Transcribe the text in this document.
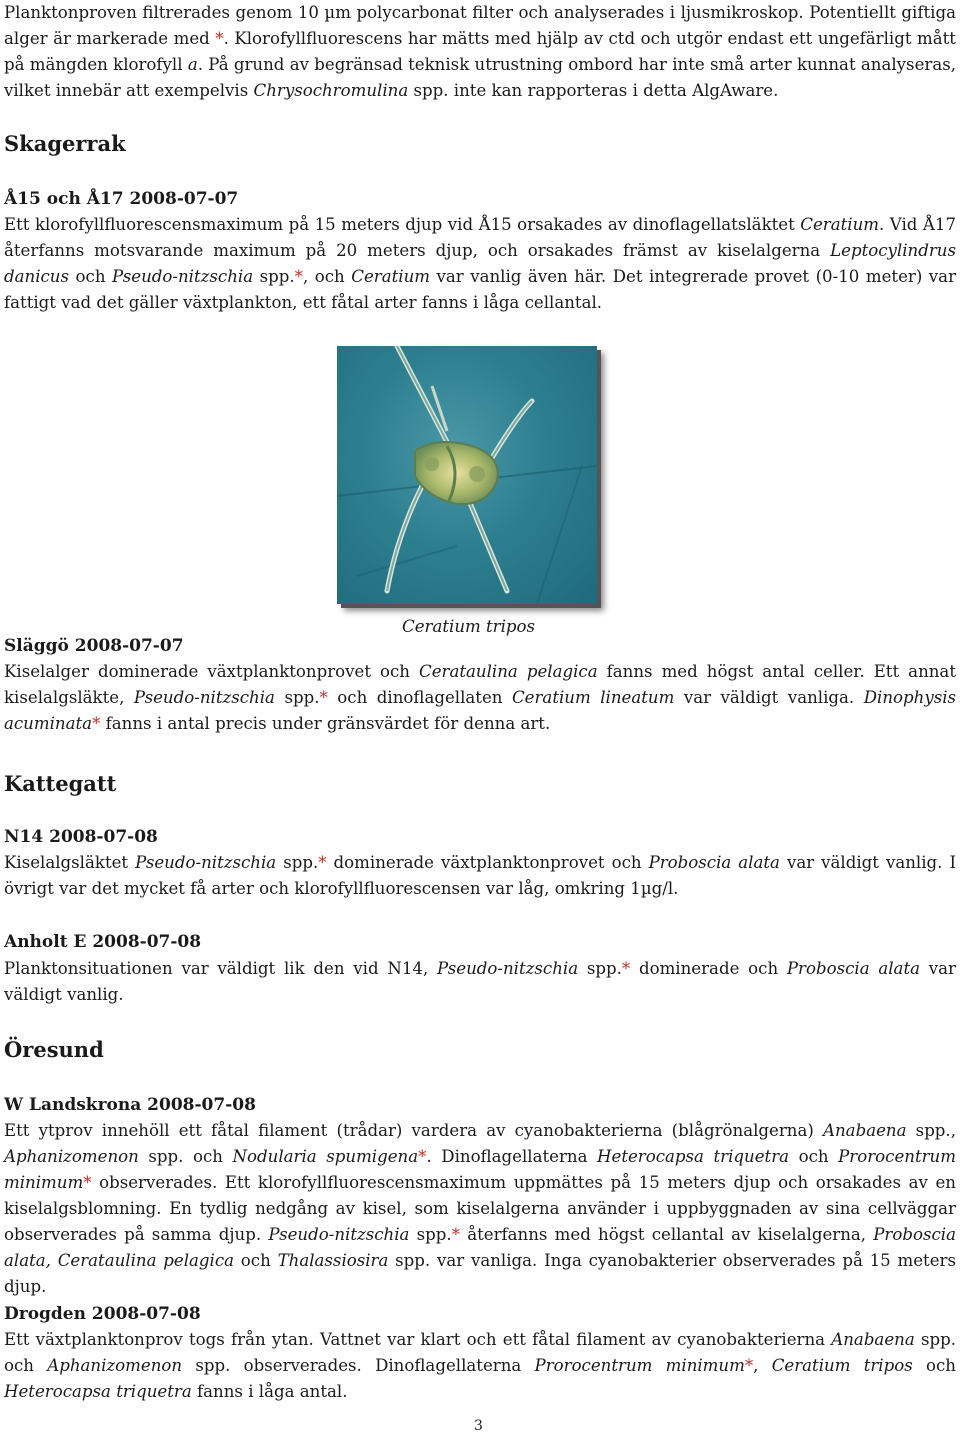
Planktonproven filtrerades genom 10 µm polycarbonat filter och analyserades i ljusmikroskop. Potentiellt giftiga alger är markerade med *. Klorofyllfluorescens har mätts med hjälp av ctd och utgör endast ett ungefärligt mått på mängden klorofyll a. På grund av begränsad teknisk utrustning ombord har inte små arter kunnat analyseras, vilket innebär att exempelvis Chrysochromulina spp. inte kan rapporteras i detta AlgAware.

Skagerrak
Å15 och Å17 2008-07-07

Ett klorofyllfluorescensmaximum på 15 meters djup vid Å15 orsakades av dinoflagellatsläktet Ceratium. Vid Å17 återfanns motsvarande maximum på 20 meters djup, och orsakades främst av kiselalgerna Leptocylindrus danicus och Pseudo-nitzschia spp.*, och Ceratium var vanlig även här. Det integrerade provet (0-10 meter) var fattigt vad det gäller växtplankton, ett fåtal arter fanns i låga cellantal.

Ceratium tripos
Släggö 2008-07-07

Kiselalger dominerade växtplanktonprovet och Cerataulina pelagica fanns med högst antal celler. Ett annat kiselalgsläkte, Pseudo-nitzschia spp.* och dinoflagellaten Ceratium lineatum var väldigt vanliga. Dinophysis acuminata* fanns i antal precis under gränsvärdet för denna art.

Kattegatt
N14 2008-07-08

Kiselalgsläktet Pseudo-nitzschia spp.* dominerade växtplanktonprovet och Proboscia alata var väldigt vanlig. I övrigt var det mycket få arter och klorofyllfluorescensen var låg, omkring 1µg/l.

Anholt E 2008-07-08

Planktonsituationen var väldigt lik den vid N14, Pseudo-nitzschia spp.* dominerade och Proboscia alata var väldigt vanlig.

Öresund
W Landskrona 2008-07-08

Ett ytprov innehöll ett fåtal filament (trådar) vardera av cyanobakterierna (blågrönalgerna) Anabaena spp., Aphanizomenon spp. och Nodularia spumigena*. Dinoflagellaterna Heterocapsa triquetra och Prorocentrum minimum* observerades. Ett klorofyllfluorescensmaximum uppmättes på 15 meters djup och orsakades av en kiselalgsblomning. En tydlig nedgång av kisel, som kiselalgerna använder i uppbyggnaden av sina cellväggar observerades på samma djup. Pseudo-nitzschia spp.* återfanns med högst cellantal av kiselalgerna, Proboscia alata, Cerataulina pelagica och Thalassiosira spp. var vanliga. Inga cyanobakterier observerades på 15 meters djup.

Drogden 2008-07-08

Ett växtplanktonprov togs från ytan. Vattnet var klart och ett fåtal filament av cyanobakterierna Anabaena spp. och Aphanizomenon spp. observerades. Dinoflagellaterna Prorocentrum minimum*, Ceratium tripos och Heterocapsa triquetra fanns i låga antal.

3
